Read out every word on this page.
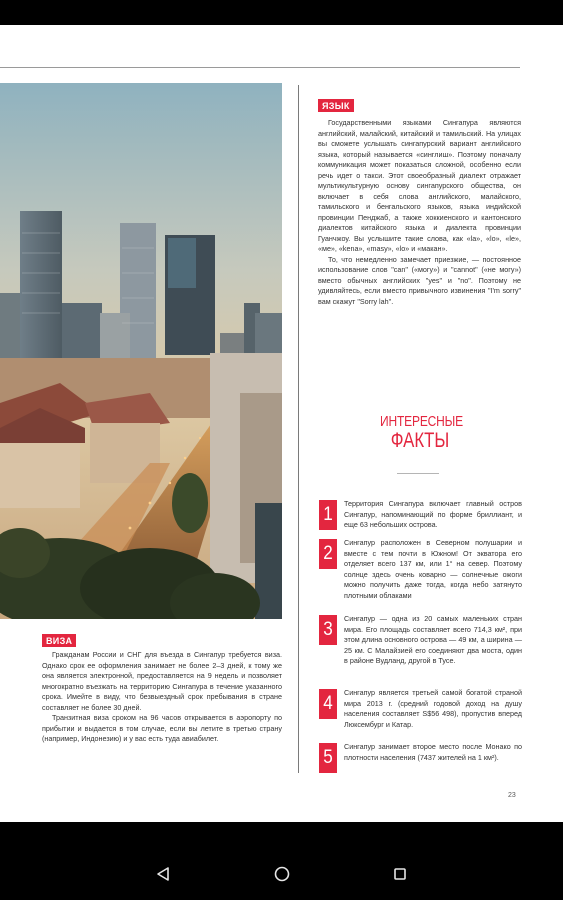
ЯЗЫК

Государственными языками Сингапура являются английский, малайский, китайский и тамильский. На улицах вы сможете услышать сингапурский вариант английского языка, который называется «синглиш». Поэтому поначалу коммуникация может показаться сложной, особенно если речь идет о такси. Этот своеобразный диалект отражает мультикультурную основу сингапурского общества, он включает в себя слова английского, малайского, тамильского и бенгальского языков, языка индийской провинции Пенджаб, а также хоккиенского и кантонского диалектов китайского языка и диалекта провинции Гуанчжоу. Вы услышите такие слова, как «la», «lo», «le», «ме», «kena», «masy», «lo» и «макан».

То, что немедленно замечает приезжие, — постоянное использование слов "can" («могу») и "cannot" («не могу») вместо обычных английских "yes" и "no". Поэтому не удивляйтесь, если вместо привычного извинения "I'm sorry" вам скажут "Sorry lah".

ИНТЕРЕСНЫЕ
ФАКТЫ
1
Территория Сингапура включает главный остров Сингапур, напоминающий по форме бриллиант, и еще 63 небольших острова.
2
Сингапур расположен в Северном полушарии и вместе с тем почти в Южном! От экватора его отделяет всего 137 км, или 1° на север. Поэтому солнце здесь очень коварно — солнечные ожоги можно получить даже тогда, когда небо затянуто плотными облаками
3
Сингапур — одна из 20 самых маленьких стран мира. Его площадь составляет всего 714,3 км², при этом длина основного острова — 49 км, а ширина — 25 км. С Малайзией его соединяют два моста, один в районе Вудланд, другой в Тусе.
4
Сингапур является третьей самой богатой страной мира 2013 г. (средний годовой доход на душу населения составляет S$56 498), пропустив вперед Люксембург и Катар.
5
Сингапур занимает второе место после Монако по плотности населения (7437 жителей на 1 км²).
ВИЗА

Гражданам России и СНГ для въезда в Сингапур требуется виза. Однако срок ее оформления занимает не более 2–3 дней, к тому же она является электронной, предоставляется на 9 недель и позволяет многократно въезжать на территорию Сингапура в течение указанного срока. Имейте в виду, что безвыездный срок пребывания в стране составляет не более 30 дней.

Транзитная виза сроком на 96 часов открывается в аэропорту по прибытии и выдается в том случае, если вы летите в третью страну (например, Индонезию) и у вас есть туда авиабилет.

23
